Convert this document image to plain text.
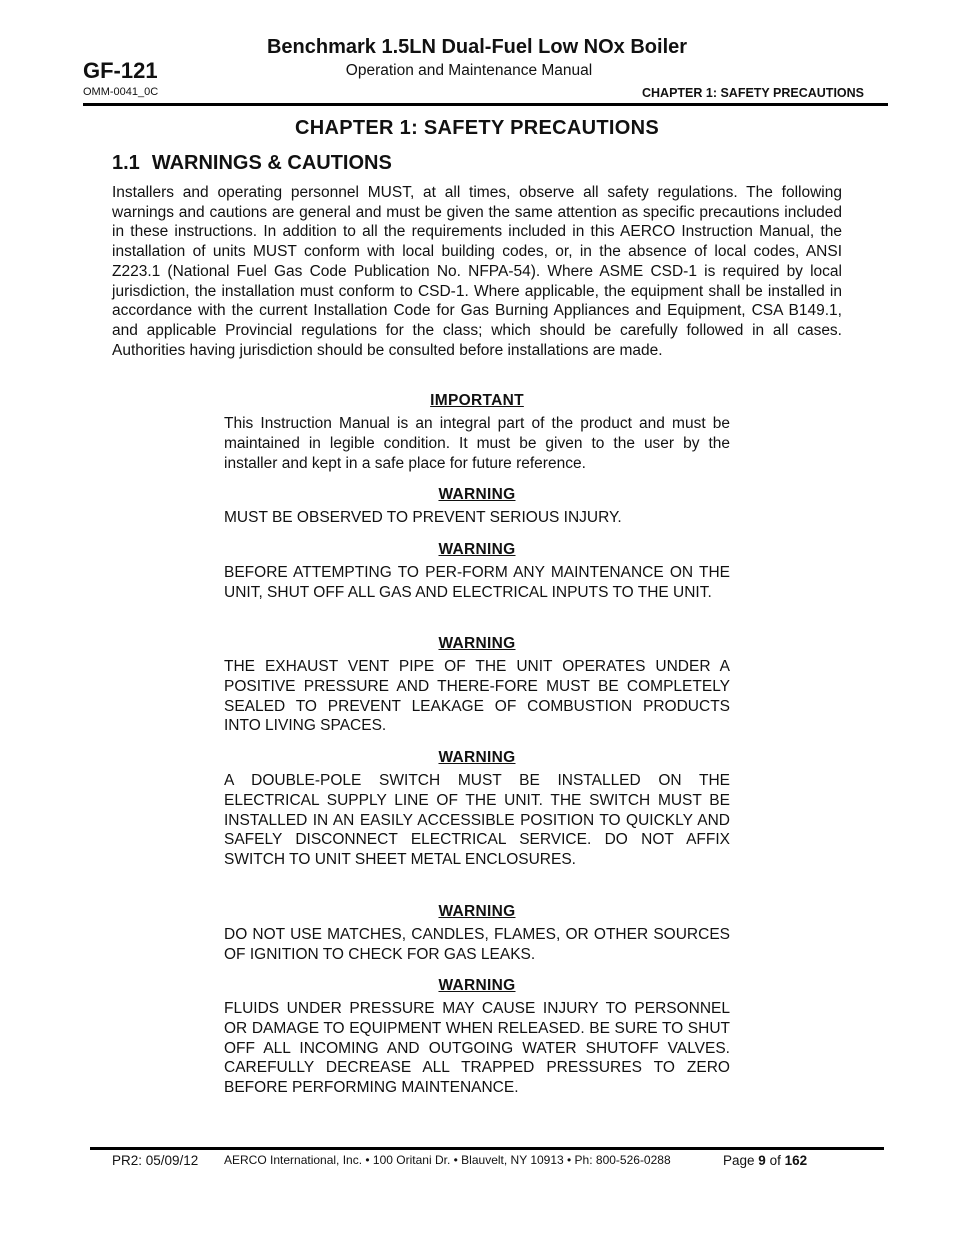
GF-121
OMM-0041_0C
Benchmark 1.5LN Dual-Fuel Low NOx Boiler
Operation and Maintenance Manual
CHAPTER 1: SAFETY PRECAUTIONS
CHAPTER 1: SAFETY PRECAUTIONS
1.1 WARNINGS & CAUTIONS

Installers and operating personnel MUST, at all times, observe all safety regulations. The following warnings and cautions are general and must be given the same attention as specific precautions included in these instructions. In addition to all the requirements included in this AERCO Instruction Manual, the installation of units MUST conform with local building codes, or, in the absence of local codes, ANSI Z223.1 (National Fuel Gas Code Publication No. NFPA-54). Where ASME CSD-1 is required by local jurisdiction, the installation must conform to CSD-1. Where applicable, the equipment shall be installed in accordance with the current Installation Code for Gas Burning Appliances and Equipment, CSA B149.1, and applicable Provincial regulations for the class; which should be carefully followed in all cases. Authorities having jurisdiction should be consulted before installations are made.

IMPORTANT
This Instruction Manual is an integral part of the product and must be maintained in legible condition. It must be given to the user by the installer and kept in a safe place for future reference.
WARNING
MUST BE OBSERVED TO PREVENT SERIOUS INJURY.
WARNING
BEFORE ATTEMPTING TO PER-FORM ANY MAINTENANCE ON THE UNIT, SHUT OFF ALL GAS AND ELECTRICAL INPUTS TO THE UNIT.
WARNING
THE EXHAUST VENT PIPE OF THE UNIT OPERATES UNDER A POSITIVE PRESSURE AND THERE-FORE MUST BE COMPLETELY SEALED TO PREVENT LEAKAGE OF COMBUSTION PRODUCTS INTO LIVING SPACES.
WARNING
A DOUBLE-POLE SWITCH MUST BE INSTALLED ON THE ELECTRICAL SUPPLY LINE OF THE UNIT. THE SWITCH MUST BE INSTALLED IN AN EASILY ACCESSIBLE POSITION TO QUICKLY AND SAFELY DISCONNECT ELECTRICAL SERVICE. DO NOT AFFIX SWITCH TO UNIT SHEET METAL ENCLOSURES.
WARNING
DO NOT USE MATCHES, CANDLES, FLAMES, OR OTHER SOURCES OF IGNITION TO CHECK FOR GAS LEAKS.
WARNING
FLUIDS UNDER PRESSURE MAY CAUSE INJURY TO PERSONNEL OR DAMAGE TO EQUIPMENT WHEN RELEASED. BE SURE TO SHUT OFF ALL INCOMING AND OUTGOING WATER SHUTOFF VALVES. CAREFULLY DECREASE ALL TRAPPED PRESSURES TO ZERO BEFORE PERFORMING MAINTENANCE.
PR2: 05/09/12 AERCO International, Inc. • 100 Oritani Dr. • Blauvelt, NY 10913 • Ph: 800-526-0288	Page 9 of 162
